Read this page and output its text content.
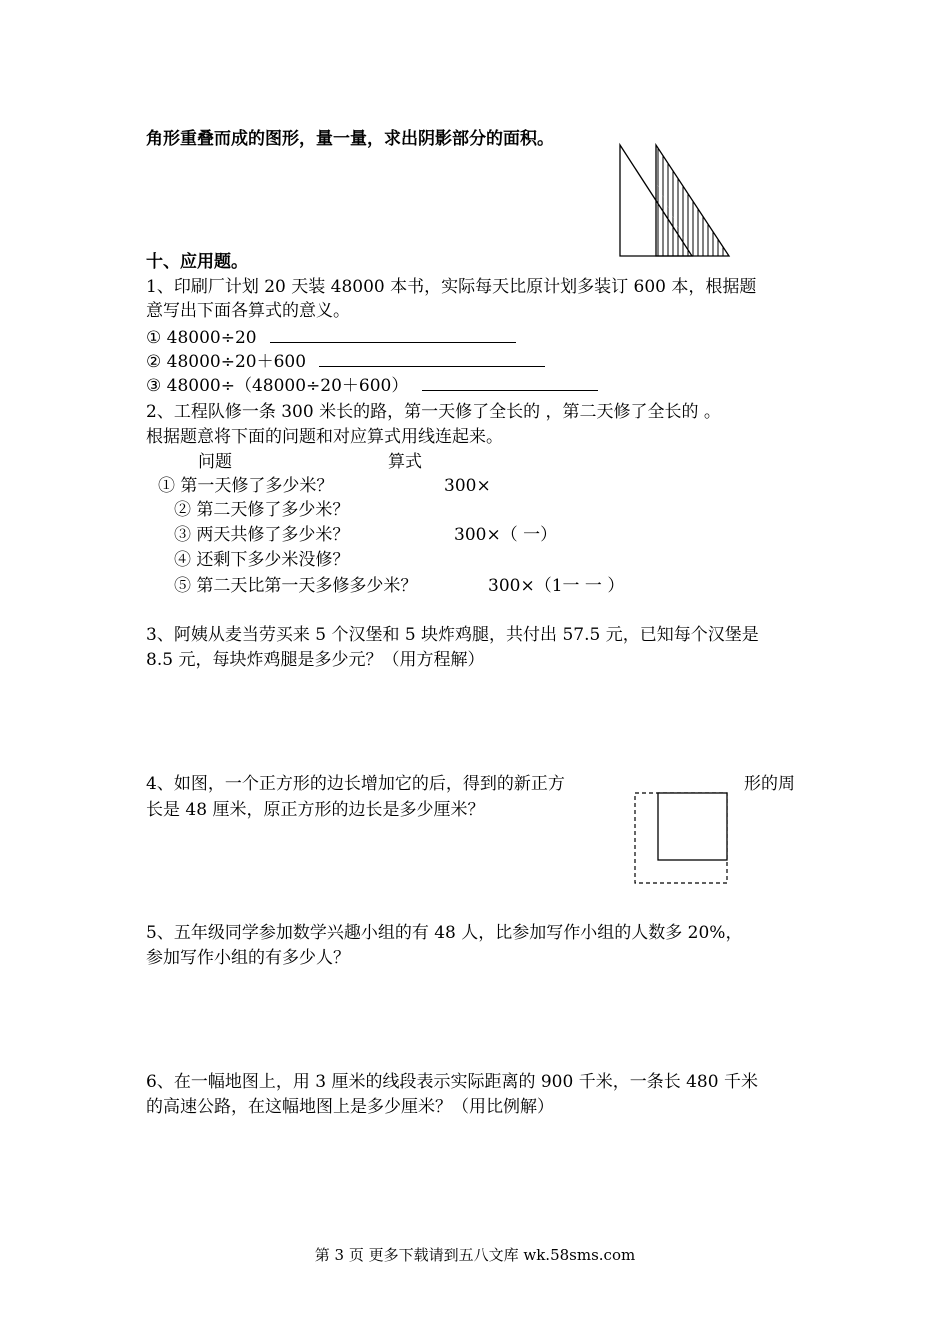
角形重叠而成的图形，量一量，求出阴影部分的面积。
十、应用题。
1、印刷厂计划 20 天装 48000 本书，实际每天比原计划多装订 600 本，根据题
意写出下面各算式的意义。
① 48000÷20
② 48000÷20＋600
③ 48000÷（48000÷20＋600）
2、工程队修一条 300 米长的路，第一天修了全长的 ，第二天修了全长的 。
根据题意将下面的问题和对应算式用线连起来。
问题	算式
① 第一天修了多少米？
② 第二天修了多少米？
③ 两天共修了多少米？
④ 还剩下多少米没修？
⑤ 第二天比第一天多修多少米？
300×
300×（ 一）
300×（1一 一 ）
3、阿姨从麦当劳买来 5 个汉堡和 5 块炸鸡腿，共付出 57.5 元，已知每个汉堡是
8.5 元，每块炸鸡腿是多少元？（用方程解）
4、如图，一个正方形的边长增加它的后，得到的新正方	形的周
长是 48 厘米，原正方形的边长是多少厘米？
5、五年级同学参加数学兴趣小组的有 48 人，比参加写作小组的人数多 20%，
参加写作小组的有多少人？
6、在一幅地图上，用 3 厘米的线段表示实际距离的 900 千米，一条长 480 千米
的高速公路，在这幅地图上是多少厘米？（用比例解）
第 3 页 更多下载请到五八文库 wk.58sms.com
